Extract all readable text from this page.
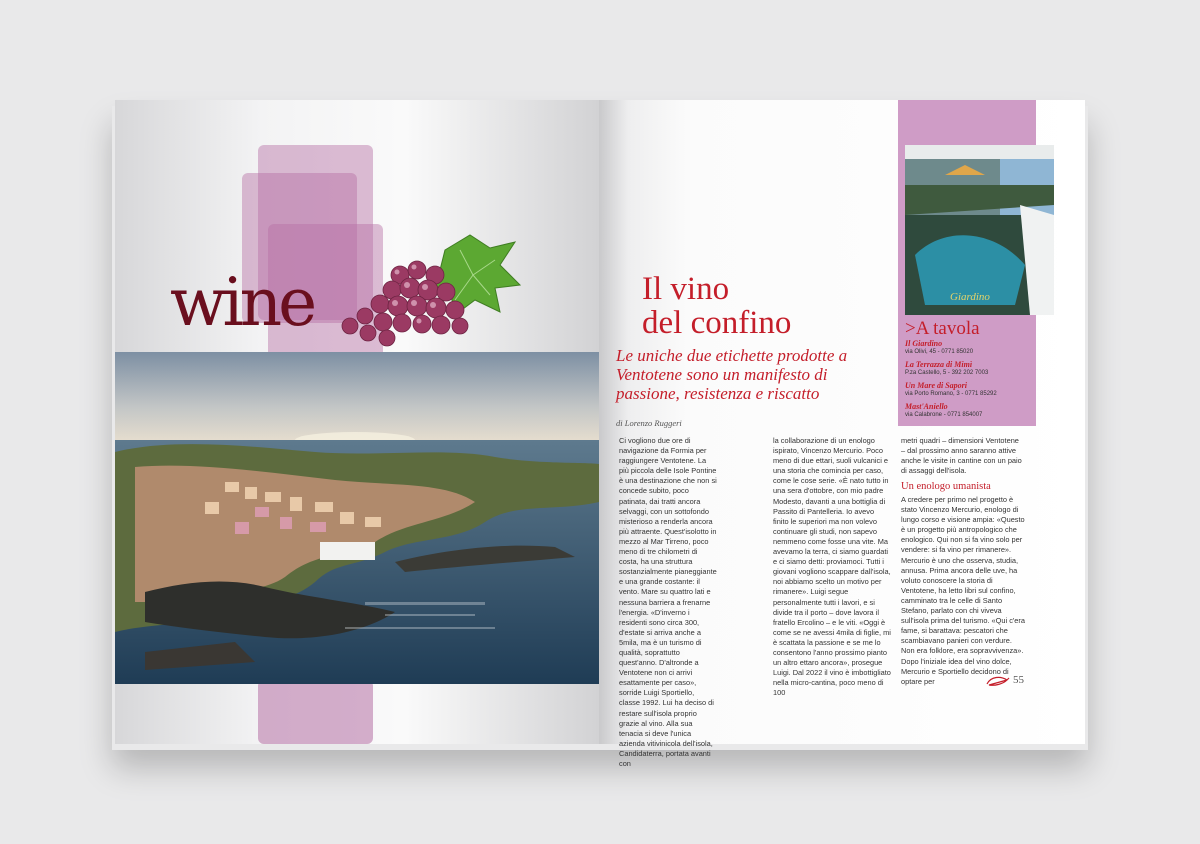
wine	Giardino
>A tavola
Il Giardino
via Olivi, 45 - 0771 85020
La Terrazza di Mimì
P.za Castello, 5 - 392 202 7003
Un Mare di Sapori
via Porto Romano, 3 - 0771 85292
Mast'Aniello
via Calabrone - 0771 854007
Il vino
del confino
Le uniche due etichette prodotte a Ventotene sono un manifesto di passione, resistenza e riscatto
di Lorenzo Ruggeri
Ci vogliono due ore di navigazione da Formia per raggiungere Ventotene. La più piccola delle Isole Pontine è una destinazione che non si concede subito, poco patinata, dai tratti ancora selvaggi, con un sottofondo misterioso a renderla ancora più attraente. Quest'isolotto in mezzo al Mar Tirreno, poco meno di tre chilometri di costa, ha una struttura sostanzialmente pianeggiante e una grande costante: il vento. Mare su quattro lati e nessuna barriera a frenarne l'energia. «D'inverno i residenti sono circa 300, d'estate si arriva anche a 5mila, ma è un turismo di qualità, soprattutto quest'anno. D'altronde a Ventotene non ci arrivi esattamente per caso», sorride Luigi Sportiello, classe 1992. Lui ha deciso di restare sull'isola proprio grazie al vino. Alla sua tenacia si deve l'unica azienda vitivinicola dell'isola, Candidaterra, portata avanti con
la collaborazione di un enologo ispirato, Vincenzo Mercurio. Poco meno di due ettari, suoli vulcanici e una storia che comincia per caso, come le cose serie. «È nato tutto in una sera d'ottobre, con mio padre Modesto, davanti a una bottiglia di Passito di Pantelleria. Io avevo finito le superiori ma non volevo continuare gli studi, non sapevo nemmeno come fosse una vite. Ma avevamo la terra, ci siamo guardati e ci siamo detti: proviamoci. Tutti i giovani vogliono scappare dall'isola, noi abbiamo scelto un motivo per rimanere». Luigi segue personalmente tutti i lavori, e si divide tra il porto – dove lavora il fratello Ercolino – e le viti. «Oggi è come se ne avessi 4mila di figlie, mi è scattata la passione e se me lo consentono l'anno prossimo pianto un altro ettaro ancora», prosegue Luigi. Dal 2022 il vino è imbottigliato nella micro-cantina, poco meno di 100
metri quadri – dimensioni Ventotene – dal prossimo anno saranno attive anche le visite in cantine con un paio di assaggi dell'isola.
Un enologo umanista
A credere per primo nel progetto è stato Vincenzo Mercurio, enologo di lungo corso e visione ampia: «Questo è un progetto più antropologico che enologico. Qui non si fa vino solo per vendere: si fa vino per rimanere». Mercurio è uno che osserva, studia, annusa. Prima ancora delle uve, ha voluto conoscere la storia di Ventotene, ha letto libri sul confino, camminato tra le celle di Santo Stefano, parlato con chi viveva sull'isola prima del turismo. «Qui c'era fame, si barattava: pescatori che scambiavano panieri con verdure. Non era folklore, era sopravvivenza». Dopo l'iniziale idea del vino dolce, Mercurio e Sportiello decidono di optare per	55
